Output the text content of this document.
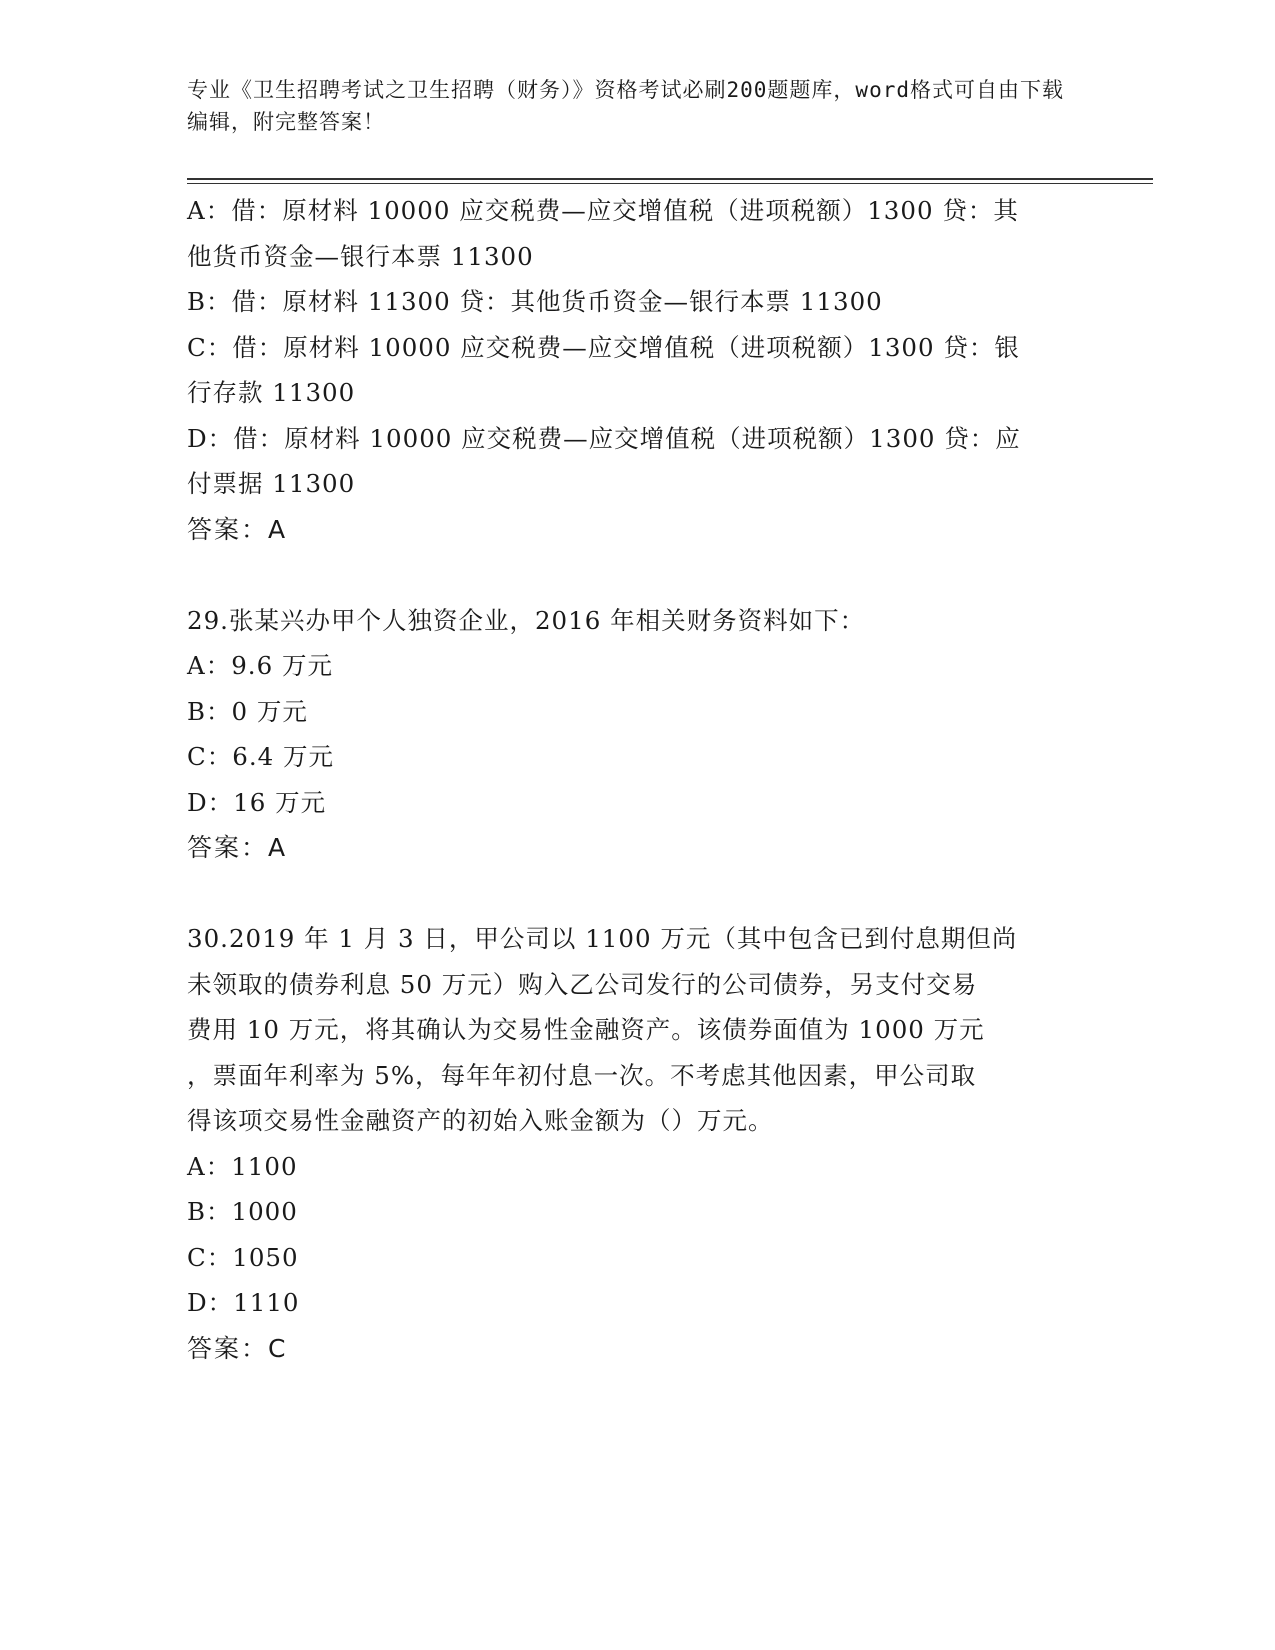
专业《卫生招聘考试之卫生招聘（财务）》资格考试必刷200题题库，word格式可自由下载编辑，附完整答案！
A：借：原材料 10000 应交税费—应交增值税（进项税额）1300 贷：其
他货币资金—银行本票 11300
B：借：原材料 11300 贷：其他货币资金—银行本票 11300
C：借：原材料 10000 应交税费—应交增值税（进项税额）1300 贷：银
行存款 11300
D：借：原材料 10000 应交税费—应交增值税（进项税额）1300 贷：应
付票据 11300
答案：A
29.张某兴办甲个人独资企业，2016 年相关财务资料如下：
A：9.6 万元
B：0 万元
C：6.4 万元
D：16 万元
答案：A
30.2019 年 1 月 3 日，甲公司以 1100 万元（其中包含已到付息期但尚
未领取的债券利息 50 万元）购入乙公司发行的公司债券，另支付交易
费用 10 万元，将其确认为交易性金融资产。该债券面值为 1000 万元
，票面年利率为 5%，每年年初付息一次。不考虑其他因素，甲公司取
得该项交易性金融资产的初始入账金额为（）万元。
A：1100
B：1000
C：1050
D：1110
答案：C
